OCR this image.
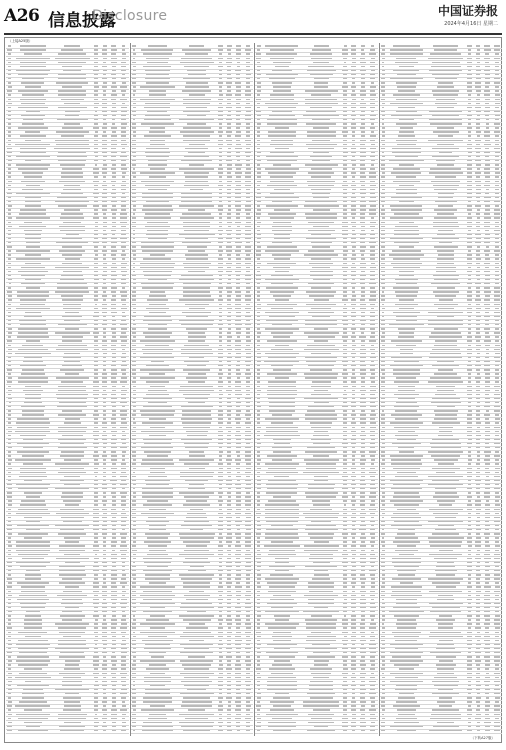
A26 信息披露
Disclosure	中国证券报
2024年4月16日 星期二
（上接A25版）
（下转A27版）
